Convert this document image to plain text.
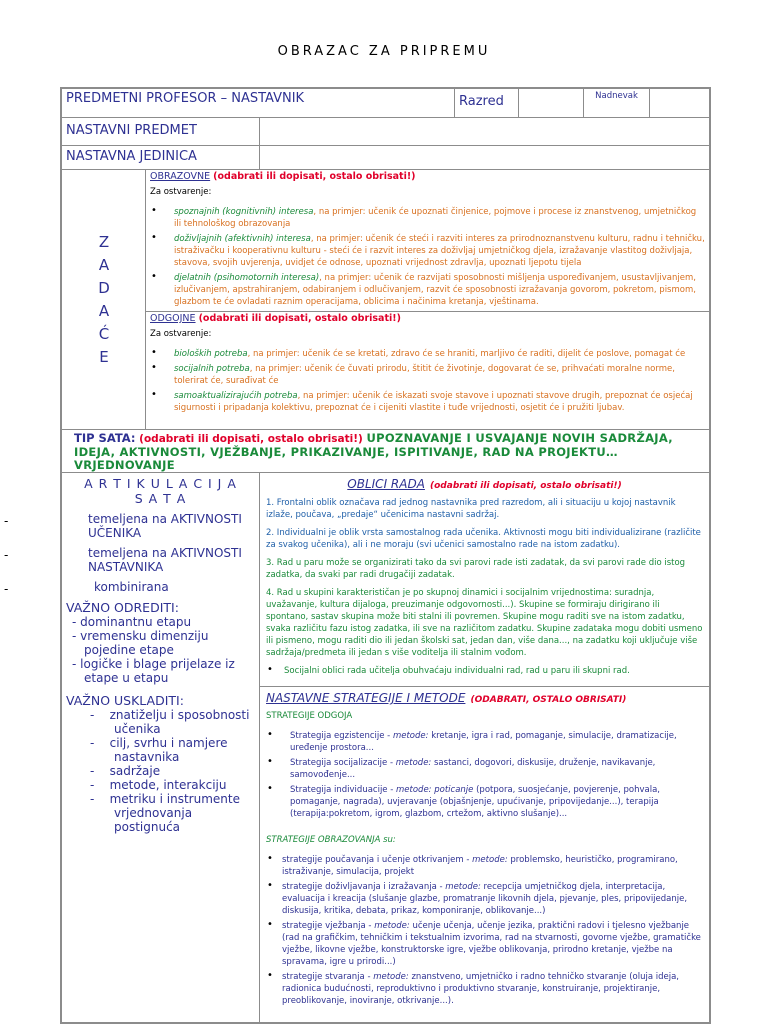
OBRAZAC ZA PRIPREMU
PREDMETNI PROFESOR – NASTAVNIK	Razred	Nadnevak
NASTAVNI PREDMET
NASTAVNA JEDINICA
Z
A
D
A
Ć
E
OBRAZOVNE (odabrati ili dopisati, ostalo obrisati!)
Za ostvarenje:
• spoznajnih (kognitivnih) interesa, na primjer: učenik će upoznati činjenice, pojmove i procese iz znanstvenog, umjetničkog ili tehnološkog obrazovanja
• doživljajnih (afektivnih) interesa, na primjer: učenik će steći i razviti interes za prirodnoznanstvenu kulturu, radnu i tehničku, istraživačku i kooperativnu kulturu - steći će i razvit interes za doživljaj umjetničkog djela, izražavanje vlastitog doživljaja, stavova, svojih uvjerenja, uvidjet će odnose, upoznati vrijednost zdravlja, upoznati ljepotu tijela
• djelatnih (psihomotornih interesa), na primjer: učenik će razvijati sposobnosti mišljenja uspoređivanjem, usustavljivanjem, izlučivanjem, apstrahiranjem, odabiranjem i odlučivanjem, razvit će sposobnosti izražavanja govorom, pokretom, pismom, glazbom te će ovladati raznim operacijama, oblicima i načinima kretanja, vještinama.
ODGOJNE (odabrati ili dopisati, ostalo obrisati!)
Za ostvarenje:
• bioloških potreba, na primjer: učenik će se kretati, zdravo će se hraniti, marljivo će raditi, dijelit će poslove, pomagat će
• socijalnih potreba, na primjer: učenik će čuvati prirodu, štitit će životinje, dogovarat će se, prihvaćati moralne norme, tolerirat će, surađivat će
• samoaktualizirajućih potreba, na primjer: učenik će iskazati svoje stavove i upoznati stavove drugih, prepoznat će osjećaj sigurnosti i pripadanja kolektivu, prepoznat će i cijeniti vlastite i tuđe vrijednosti, osjetit će i pružiti ljubav.
TIP SATA: (odabrati ili dopisati, ostalo obrisati!) UPOZNAVANJE I USVAJANJE NOVIH SADRŽAJA, IDEJA, AKTIVNOSTI, VJEŽBANJE, PRIKAZIVANJE, ISPITIVANJE, RAD NA PROJEKTU… VRJEDNOVANJE
A R T I K U L A C I J A
S A T A
-	temeljena na AKTIVNOSTI UČENIKA
-	temeljena na AKTIVNOSTI NASTAVNIKA
-	kombinirana
VAŽNO ODREDITI:
- dominantnu etapu
- vremensku dimenziju pojedine etape
- logičke i blage prijelaze iz etape u etapu
VAŽNO USKLADITI:
-    znatiželju i sposobnosti učenika
-    cilj, svrhu i namjere nastavnika
-    sadržaje
-    metode, interakciju
-    metriku i instrumente vrjednovanja postignuća
OBLICI RADA (odabrati ili dopisati, ostalo obrisati!)
1. Frontalni oblik označava rad jednog nastavnika pred razredom, ali i situaciju u kojoj nastavnik izlaže, poučava, „predaje“ učenicima nastavni sadržaj.
2. Individualni je oblik vrsta samostalnog rada učenika. Aktivnosti mogu biti individualizirane (različite za svakog učenika), ali i ne moraju (svi učenici samostalno rade na istom zadatku).
3. Rad u paru može se organizirati tako da svi parovi rade isti zadatak, da svi parovi rade dio istog zadatka, da svaki par radi drugačiji zadatak.
4. Rad u skupini karakterističan je po skupnoj dinamici i socijalnim vrijednostima: suradnja, uvažavanje, kultura dijaloga, preuzimanje odgovornosti...). Skupine se formiraju dirigirano ili spontano, sastav skupina može biti stalni ili povremen. Skupine mogu raditi sve na istom zadatku, svaka različitu fazu istog zadatka, ili sve na različitom zadatku. Skupine zadataka mogu dobiti usmeno ili pismeno, mogu raditi dio ili jedan školski sat, jedan dan, više dana..., na zadatku koji uključuje više sadržaja/predmeta ili jedan s više voditelja ili stalnim vođom.
• Socijalni oblici rada učitelja obuhvaćaju individualni rad, rad u paru ili skupni rad.
NASTAVNE STRATEGIJE I METODE (ODABRATI, OSTALO OBRISATI)
STRATEGIJE ODGOJA
• Strategija egzistencije - metode: kretanje, igra i rad, pomaganje, simulacije, dramatizacije, uređenje prostora...
• Strategija socijalizacije - metode: sastanci, dogovori, diskusije, druženje, navikavanje, samovođenje...
• Strategija individuacije - metode: poticanje (potpora, suosjećanje, povjerenje, pohvala, pomaganje, nagrada), uvjeravanje (objašnjenje, upućivanje, pripovijedanje...), terapija (terapija:pokretom, igrom, glazbom, crtežom, aktivno slušanje)...
STRATEGIJE OBRAZOVANJA su:
• strategije poučavanja i učenje otkrivanjem - metode: problemsko, heurističko, programirano, istraživanje, simulacija, projekt
• strategije doživljavanja i izražavanja - metode: recepcija umjetničkog djela, interpretacija, evaluacija i kreacija (slušanje glazbe, promatranje likovnih djela, pjevanje, ples, pripovijedanje, diskusija, kritika, debata, prikaz, komponiranje, oblikovanje...)
• strategije vježbanja - metode: učenje učenja, učenje jezika, praktični radovi i tjelesno vježbanje (rad na grafičkim, tehničkim i tekstualnim izvorima, rad na stvarnosti, govorne vježbe, gramatičke vježbe, likovne vježbe, konstruktorske igre, vježbe oblikovanja, prirodno kretanje, vježbe na spravama, igre u prirodi...)
• strategije stvaranja - metode: znanstveno, umjetničko i radno tehničko stvaranje (oluja ideja, radionica budućnosti, reproduktivno i produktivno stvaranje, konstruiranje, projektiranje, preoblikovanje, inoviranje, otkrivanje...).
